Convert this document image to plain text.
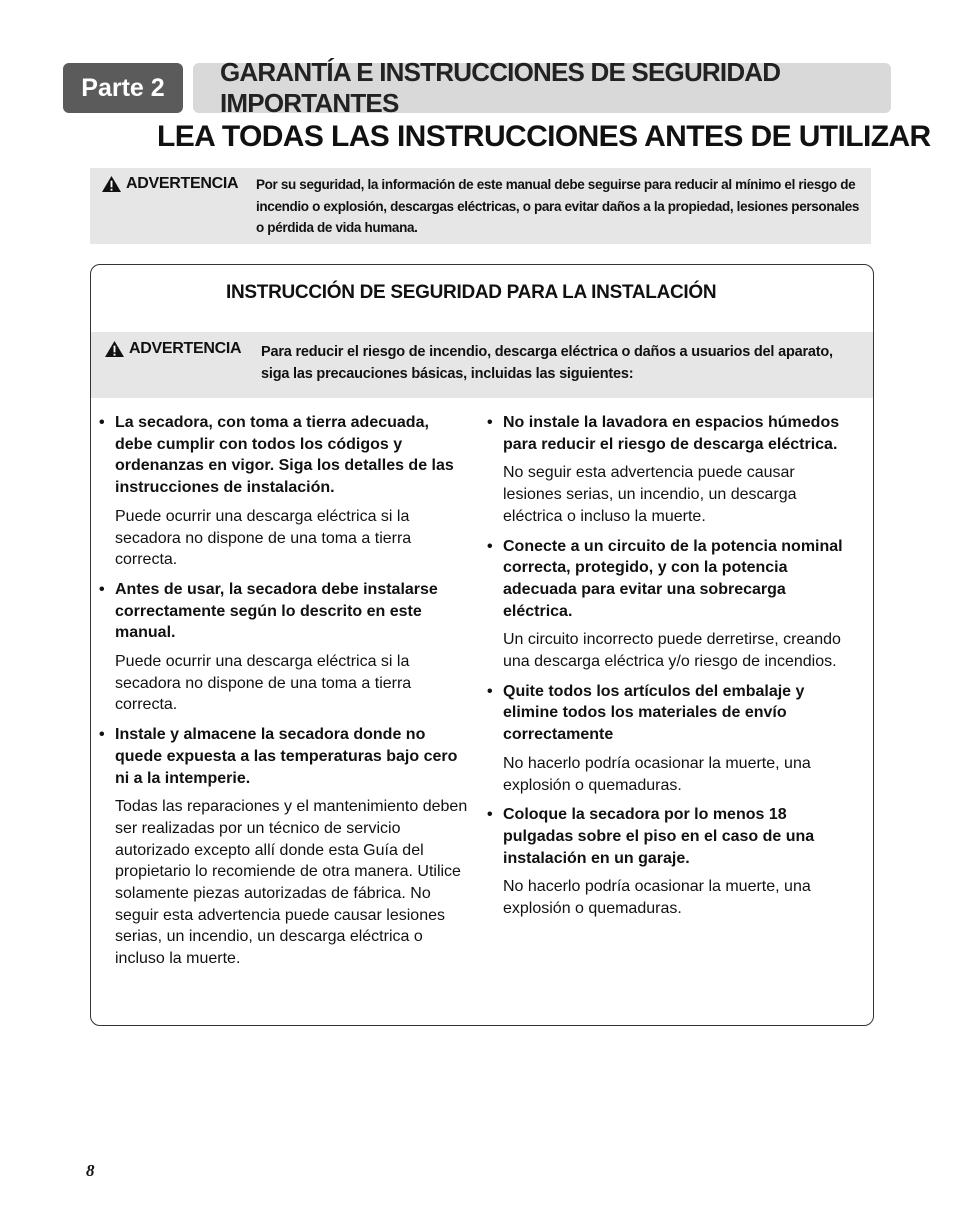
Parte 2
GARANTÍA E INSTRUCCIONES DE SEGURIDAD IMPORTANTES
LEA TODAS LAS INSTRUCCIONES ANTES DE UTILIZAR
ADVERTENCIA Por su seguridad, la información de este manual debe seguirse para reducir al mínimo el riesgo de incendio o explosión, descargas eléctricas, o para evitar daños a la propiedad, lesiones personales o pérdida de vida humana.
INSTRUCCIÓN DE SEGURIDAD PARA LA INSTALACIÓN
ADVERTENCIA Para reducir el riesgo de incendio, descarga eléctrica o daños a usuarios del aparato, siga las precauciones básicas, incluidas las siguientes:

• La secadora, con toma a tierra adecuada, debe cumplir con todos los códigos y ordenanzas en vigor. Siga los detalles de las instrucciones de instalación.

Puede ocurrir una descarga eléctrica si la secadora no dispone de una toma a tierra correcta.

• Antes de usar, la secadora debe instalarse correctamente según lo descrito en este manual.

Puede ocurrir una descarga eléctrica si la secadora no dispone de una toma a tierra correcta.

• Instale y almacene la secadora donde no quede expuesta a las temperaturas bajo cero ni a la intemperie.

Todas las reparaciones y el mantenimiento deben ser realizadas por un técnico de servicio autorizado excepto allí donde esta Guía del propietario lo recomiende de otra manera. Utilice solamente piezas autorizadas de fábrica. No seguir esta advertencia puede causar lesiones serias, un incendio, un descarga eléctrica o incluso la muerte.

• No instale la lavadora en espacios húmedos para reducir el riesgo de descarga eléctrica.

No seguir esta advertencia puede causar lesiones serias, un incendio, un descarga eléctrica o incluso la muerte.

• Conecte a un circuito de la potencia nominal correcta, protegido, y con la potencia adecuada para evitar una sobrecarga eléctrica.

Un circuito incorrecto puede derretirse, creando una descarga eléctrica y/o riesgo de incendios.

• Quite todos los artículos del embalaje y elimine todos los materiales de envío correctamente

No hacerlo podría ocasionar la muerte, una explosión o quemaduras.

• Coloque la secadora por lo menos 18 pulgadas sobre el piso en el caso de una instalación en un garaje.

No hacerlo podría ocasionar la muerte, una explosión o quemaduras.

8
